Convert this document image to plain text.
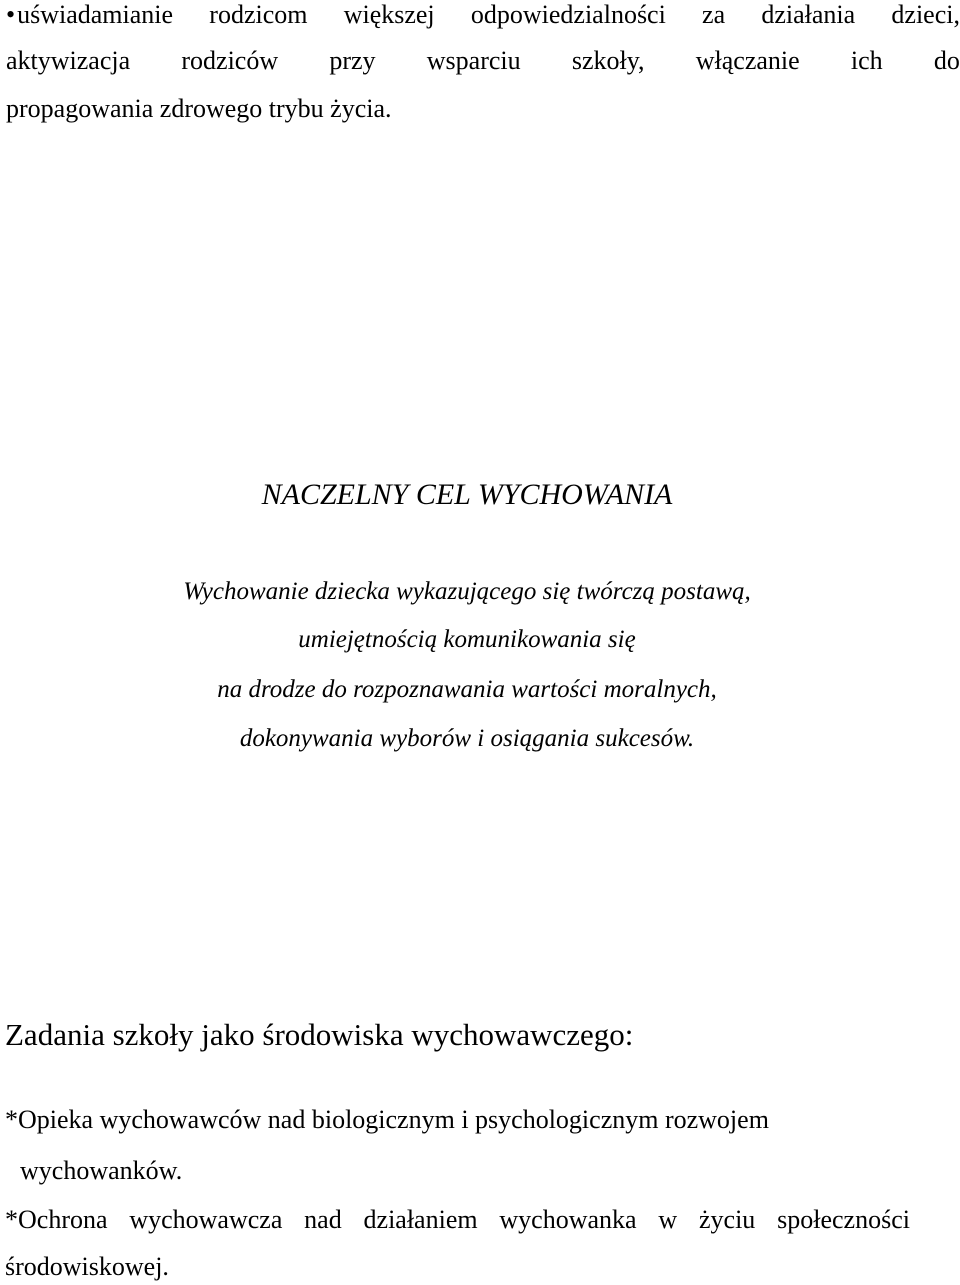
•uświadamianie rodzicom większej odpowiedzialności za działania dzieci,
aktywizacja rodziców przy wsparciu szkoły, włączanie ich do
propagowania zdrowego trybu życia.
NACZELNY CEL WYCHOWANIA
Wychowanie dziecka wykazującego się twórczą postawą,
umiejętnością komunikowania się
na drodze do rozpoznawania wartości moralnych,
dokonywania wyborów i osiągania sukcesów.
Zadania szkoły jako środowiska wychowawczego:
*Opieka wychowawców nad biologicznym i psychologicznym rozwojem
wychowanków.
*Ochrona wychowawcza nad działaniem wychowanka w życiu społeczności
środowiskowej.
